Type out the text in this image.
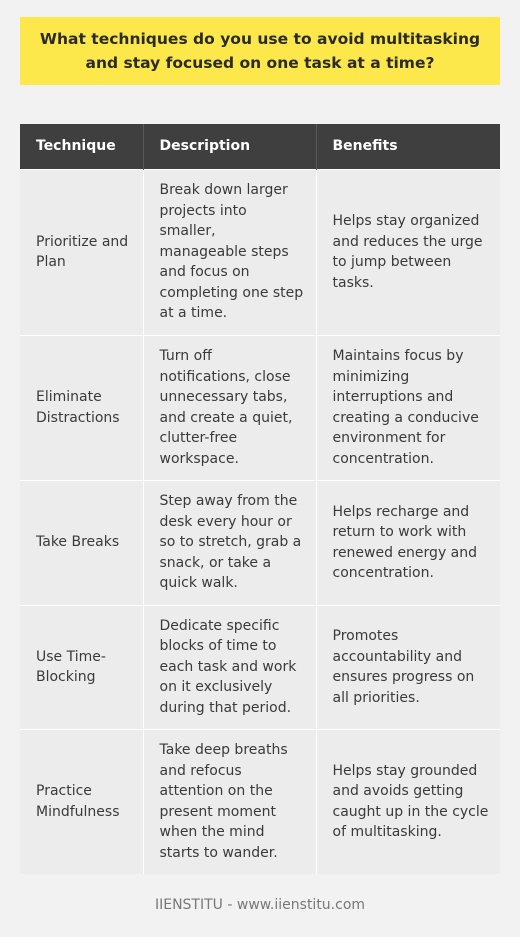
What techniques do you use to avoid multitasking and stay focused on one task at a time?
Technique	Description	Benefits
Prioritize and Plan	Break down larger projects into smaller, manageable steps and focus on completing one step at a time.	Helps stay organized and reduces the urge to jump between tasks.
Eliminate Distractions	Turn off notifications, close unnecessary tabs, and create a quiet, clutter-free workspace.	Maintains focus by minimizing interruptions and creating a conducive environment for concentration.
Take Breaks	Step away from the desk every hour or so to stretch, grab a snack, or take a quick walk.	Helps recharge and return to work with renewed energy and concentration.
Use Time-Blocking	Dedicate specific blocks of time to each task and work on it exclusively during that period.	Promotes accountability and ensures progress on all priorities.
Practice Mindfulness	Take deep breaths and refocus attention on the present moment when the mind starts to wander.	Helps stay grounded and avoids getting caught up in the cycle of multitasking.
IIENSTITU - www.iienstitu.com
